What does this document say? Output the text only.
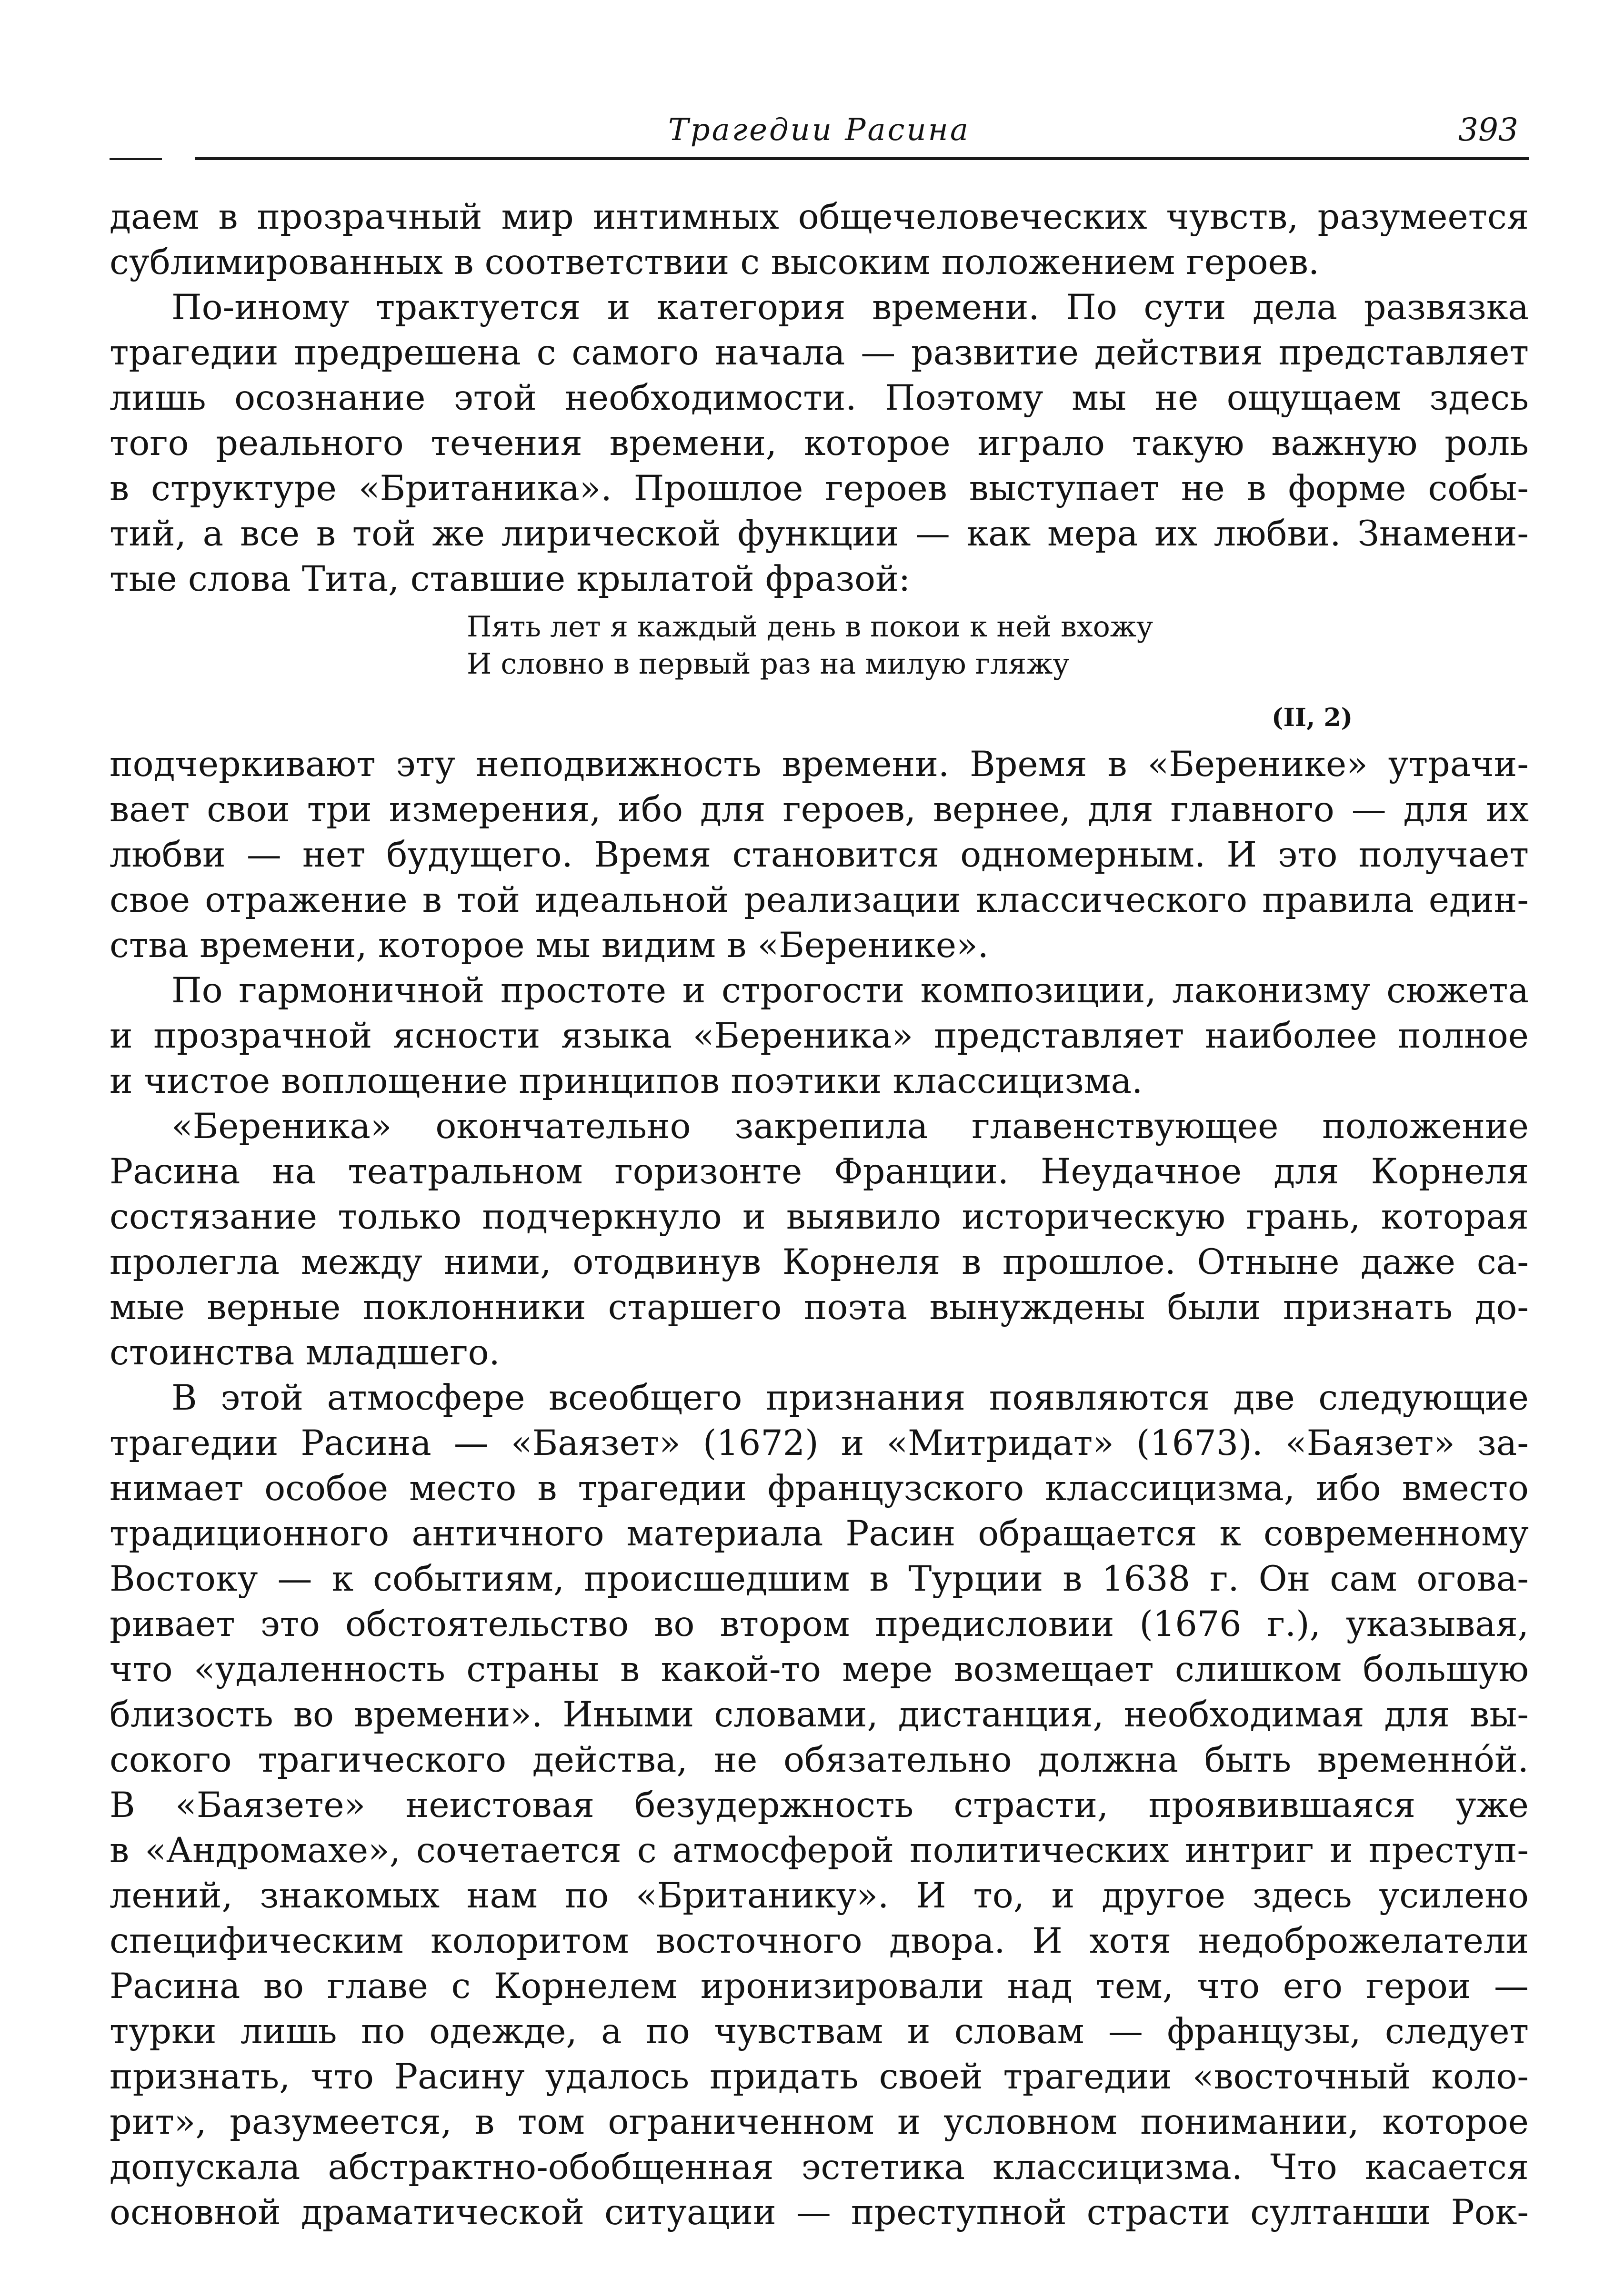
Трагедии Расина	393
даем в прозрачный мир интимных общечеловеческих чувств, разумеется
сублимированных в соответствии с высоким положением героев.
По-иному трактуется и категория времени. По сути дела развязка
трагедии предрешена с самого начала — развитие действия представляет
лишь осознание этой необходимости. Поэтому мы не ощущаем здесь
того реального течения времени, которое играло такую важную роль
в структуре «Британика». Прошлое героев выступает не в форме собы-
тий, а все в той же лирической функции — как мера их любви. Знамени-
тые слова Тита, ставшие крылатой фразой:
Пять лет я каждый день в покои к ней вхожу
И словно в первый раз на милую гляжу
(II, 2)
подчеркивают эту неподвижность времени. Время в «Беренике» утрачи-
вает свои три измерения, ибо для героев, вернее, для главного — для их
любви — нет будущего. Время становится одномерным. И это получает
свое отражение в той идеальной реализации классического правила един-
ства времени, которое мы видим в «Беренике».
По гармоничной простоте и строгости композиции, лаконизму сюжета
и прозрачной ясности языка «Береника» представляет наиболее полное
и чистое воплощение принципов поэтики классицизма.
«Береника» окончательно закрепила главенствующее положение
Расина на театральном горизонте Франции. Неудачное для Корнеля
состязание только подчеркнуло и выявило историческую грань, которая
пролегла между ними, отодвинув Корнеля в прошлое. Отныне даже са-
мые верные поклонники старшего поэта вынуждены были признать до-
стоинства младшего.
В этой атмосфере всеобщего признания появляются две следующие
трагедии Расина — «Баязет» (1672) и «Митридат» (1673). «Баязет» за-
нимает особое место в трагедии французского классицизма, ибо вместо
традиционного античного материала Расин обращается к современному
Востоку — к событиям, происшедшим в Турции в 1638 г. Он сам огова-
ривает это обстоятельство во втором предисловии (1676 г.), указывая,
что «удаленность страны в какой-то мере возмещает слишком большую
близость во времени». Иными словами, дистанция, необходимая для вы-
сокого трагического действа, не обязательно должна быть временно́й.
В «Баязете» неистовая безудержность страсти, проявившаяся уже
в «Андромахе», сочетается с атмосферой политических интриг и преступ-
лений, знакомых нам по «Британику». И то, и другое здесь усилено
специфическим колоритом восточного двора. И хотя недоброжелатели
Расина во главе с Корнелем иронизировали над тем, что его герои —
турки лишь по одежде, а по чувствам и словам — французы, следует
признать, что Расину удалось придать своей трагедии «восточный коло-
рит», разумеется, в том ограниченном и условном понимании, которое
допускала абстрактно-обобщенная эстетика классицизма. Что касается
основной драматической ситуации — преступной страсти султанши Рок-
